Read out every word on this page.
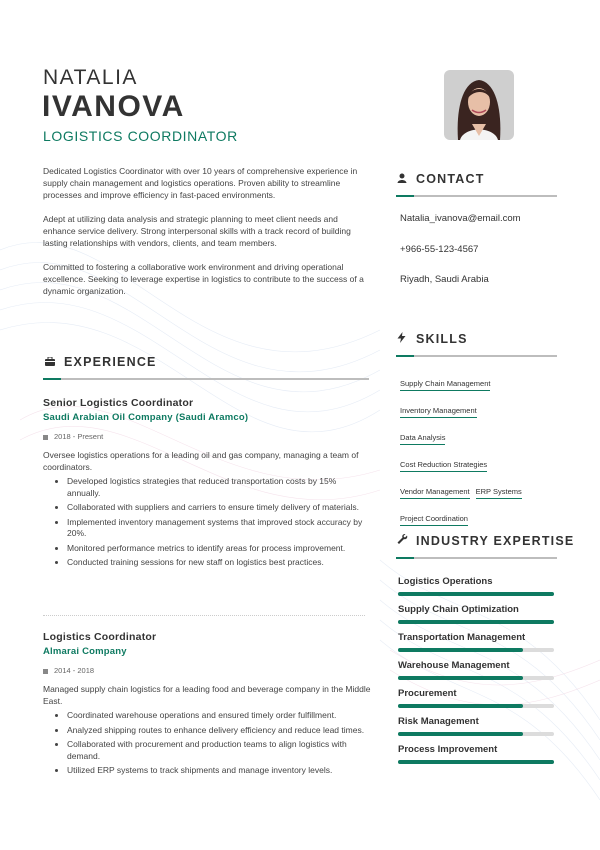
NATALIA
IVANOVA
LOGISTICS COORDINATOR

Dedicated Logistics Coordinator with over 10 years of comprehensive experience in supply chain management and logistics operations. Proven ability to streamline processes and improve efficiency in fast-paced environments.

Adept at utilizing data analysis and strategic planning to meet client needs and enhance service delivery. Strong interpersonal skills with a track record of building lasting relationships with vendors, clients, and team members.

Committed to fostering a collaborative work environment and driving operational excellence. Seeking to leverage expertise in logistics to contribute to the success of a dynamic organization.

EXPERIENCE
Senior Logistics Coordinator
Saudi Arabian Oil Company (Saudi Aramco)
2018 - Present
Oversee logistics operations for a leading oil and gas company, managing a team of coordinators.
• Developed logistics strategies that reduced transportation costs by 15% annually.
• Collaborated with suppliers and carriers to ensure timely delivery of materials.
• Implemented inventory management systems that improved stock accuracy by 20%.
• Monitored performance metrics to identify areas for process improvement.
• Conducted training sessions for new staff on logistics best practices.
Logistics Coordinator
Almarai Company
2014 - 2018
Managed supply chain logistics for a leading food and beverage company in the Middle East.
• Coordinated warehouse operations and ensured timely order fulfillment.
• Analyzed shipping routes to enhance delivery efficiency and reduce lead times.
• Collaborated with procurement and production teams to align logistics with demand.
• Utilized ERP systems to track shipments and manage inventory levels.
CONTACT
Natalia_ivanova@email.com
+966-55-123-4567
Riyadh, Saudi Arabia
SKILLS
Supply Chain Management
Inventory Management
Data Analysis
Cost Reduction Strategies
Vendor Management ERP Systems
Project Coordination
INDUSTRY EXPERTISE
Logistics Operations
Supply Chain Optimization
Transportation Management
Warehouse Management
Procurement
Risk Management
Process Improvement
